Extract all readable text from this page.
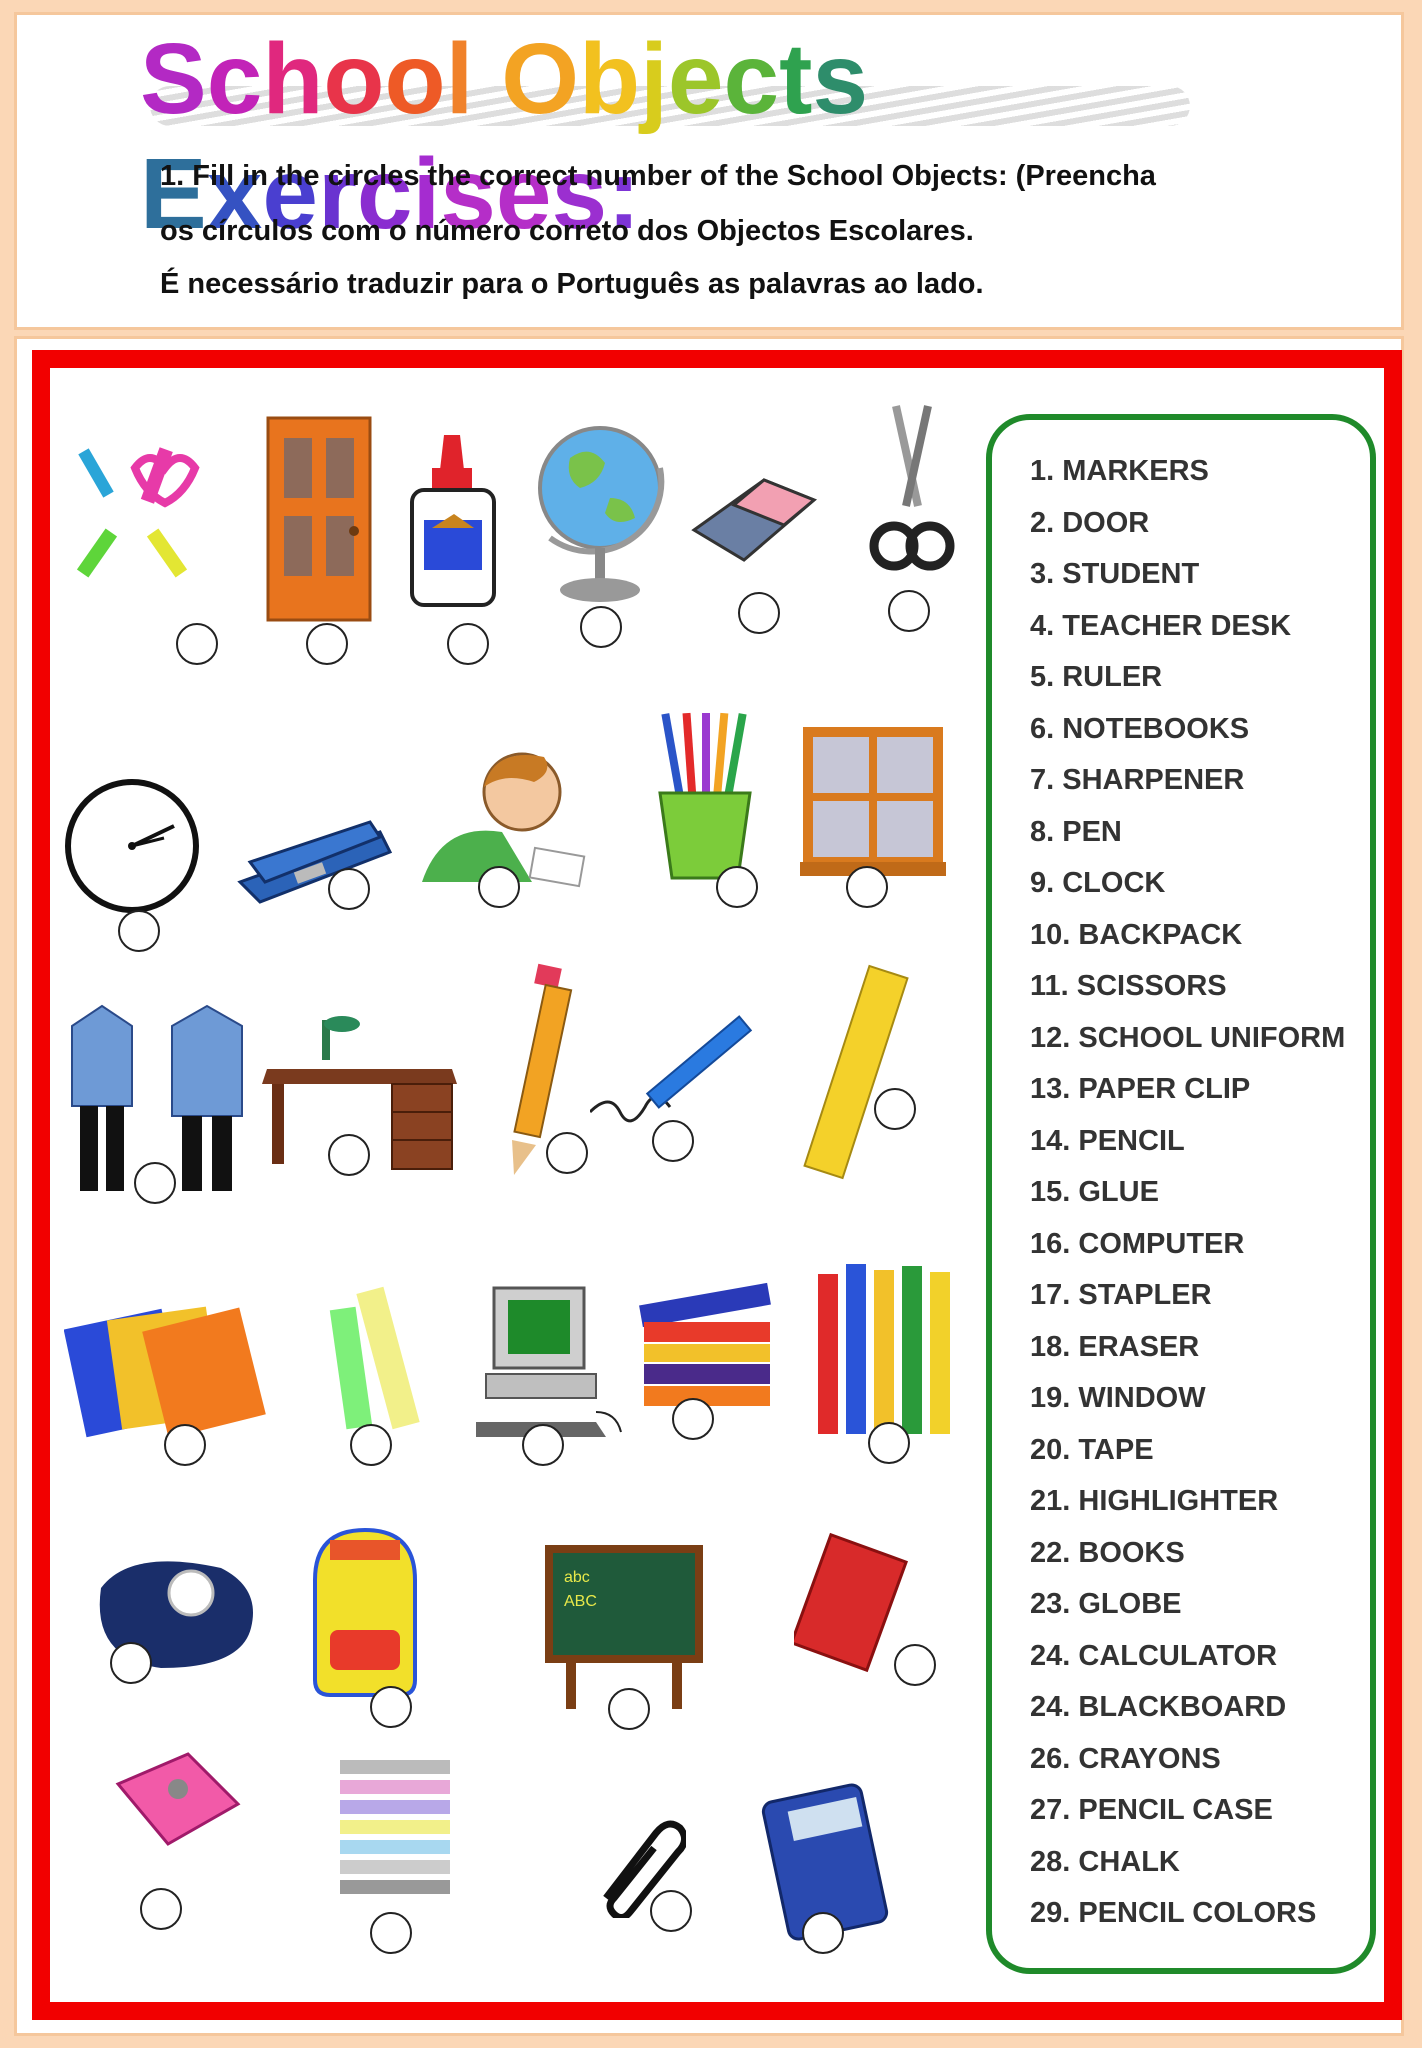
School Objects Exercises:
1. Fill in the circles the correct number of the School Objects: (Preencha
os círculos com o número correto dos Objectos Escolares.
É necessário traduzir para o Português as palavras ao lado.
1. MARKERS
2. DOOR
3. STUDENT
4. TEACHER DESK
5. RULER
6. NOTEBOOKS
7. SHARPENER
8. PEN
9. CLOCK
10. BACKPACK
11. SCISSORS
12. SCHOOL UNIFORM
13. PAPER CLIP
14. PENCIL
15. GLUE
16. COMPUTER
17. STAPLER
18. ERASER
19. WINDOW
20. TAPE
21. HIGHLIGHTER
22. BOOKS
23. GLOBE
24. CALCULATOR
24. BLACKBOARD
26. CRAYONS
27. PENCIL CASE
28. CHALK
29. PENCIL COLORS
abc
ABC
